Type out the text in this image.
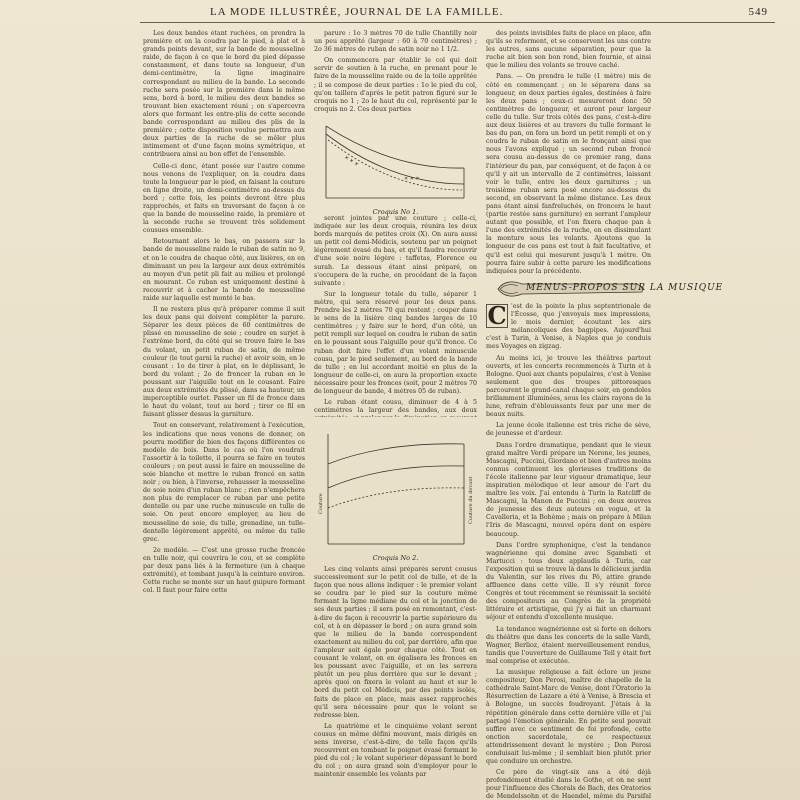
LA MODE ILLUSTRÉE, JOURNAL DE LA FAMILLE.	549

Les deux bandes étant ruchées, on prendra la première et on la coudra par le pied, à plat et à grands points devant, sur la bande de mousseline raide, de façon à ce que le bord du pied dépasse constamment, et dans toute sa longueur, d'un demi-centimètre, la ligne imaginaire correspondant au milieu de la bande. La seconde ruche sera posée sur la première dans le même sens, bord à bord, le milieu des deux bandes se trouvant bien exactement réuni ; on s'apercevra alors que formant les entre-plis de cette seconde bande correspondant au milieu des plis de la première ; cette disposition voulue permettra aux deux parties de la ruche de se mêler plus intimement et d'une façon moins symétrique, et contribuera ainsi au bon effet de l'ensemble.

Celle-ci donc, étant posée sur l'autre comme nous venons de l'expliquer, on la coudra dans toute la longueur par le pied, en faisant la couture en ligne droite, un demi-centimètre au-dessus du bord ; cette fois, les points devront être plus rapprochés, et faits en traversant de façon à ce que la bande de mousseline raide, la première et la seconde ruche se trouvent très solidement cousues ensemble.

Retournant alors le bas, on passera sur la bande de mousseline raide le ruban de satin no 9, et on le coudra de chaque côté, aux lisières, en en diminuant un peu la largeur aux deux extrémités au moyen d'un petit pli fait au milieu et prolongé en mourant. Ce ruban est uniquement destiné à recouvrir et à cacher la bande de mousseline raide sur laquelle est monté le bas.

Il ne restera plus qu'à préparer comme il suit les deux pans qui doivent compléter la parure. Séparer les deux pièces de 60 centimètres de plissé en mousseline de soie ; coudre en surjet à l'extrême bord, du côté qui se trouve faire le bas du volant, un petit ruban de satin, de même couleur (le tout garni la ruche) et avoir soin, en le cousant : 1o de tirer à plat, en le déplissant, le bord du volant ; 2o de froncer la ruban en le poussant sur l'aiguille tout en le cousant. Faire aux deux extrémités du plissé, dans sa hauteur, un imperceptible ourlet. Passer un fil de fronce dans le haut du volant, tout au bord ; tirer ce fil en faisant glisser dessus la garniture.

Tout en conservant, relativement à l'exécution, les indications que nous venons de donner, on pourra modifier de bien des façons différentes ce modèle de bois. Dans le cas où l'on voudrait l'assortir à la toilette, il pourra se faire en toutes couleurs ; on peut aussi le faire en mousseline de soie blanche et mettre le ruban froncé en satin noir ; ou bien, à l'inverse, rehausser la mousseline de soie noire d'un ruban blanc ; rien n'empêchera non plus de remplacer ce ruban par une petite dentelle ou par une ruche minuscule en tulle de soie. On peut encore employer, au lieu de mousseline de soie, du tulle, grenadine, un tulle-dentelle légèrement apprêté, ou même du tulle grec.

2e modèle. — C'est une grosse ruche froncée en tulle noir, qui couvrira le cou, et se complète par deux pans liés à la fermeture (un à chaque extrémité), et tombant jusqu'à la ceinture environ. Cette ruche se monte sur un haut guipure formant col. Il faut pour faire cette

parure : 1o 3 mètres 70 de tulle Chantilly noir un peu apprêté (largeur : 60 à 70 centimètres) ; 2o 36 mètres de ruban de satin noir no 1 1/2.

On commencera par établir le col qui doit servir de soutien à la ruche, en prenant pour le faire de la mousseline raide ou de la toile apprêtée ; il se compose de deux parties : 1o le pied du col, qu'on taillera d'après le petit patron figuré sur le croquis no 1 ; 2o le haut du col, représenté par le croquis no 2. Ces deux parties

✕ ✕ ✕
✕ ✕ ✕
Croquis No 1.

seront jointes par une couture ; celle-ci, indiquée sur les deux croquis, réunira les deux bords marqués de petites croix (X). On aura aussi un petit col demi-Médicis, soutenu par un poignet légèrement évasé du bas, et qu'il faudra recouvrir d'une soie noire légère : taffetas, Florence ou surah. Le dessous étant ainsi préparé, on s'occupera de la ruche, en procédant de la façon suivante :

Sur la longueur totale du tulle, séparer 1 mètre, qui sera réservé pour les deux pans. Prendre les 2 mètres 70 qui restent ; couper dans le sens de la lisière cinq bandes larges de 10 centimètres ; y faire sur le bord, d'un côté, un petit rempli sur lequel on coudra le ruban de satin en le poussant sous l'aiguille pour qu'il fronce. Ce ruban doit faire l'effet d'un volant minuscule cousu, par le pied seulement, au bord de la bande de tulle ; en lui accordant moitié en plus de la longueur de celle-ci, on aura la proportion exacte nécessaire pour les fronces (soit, pour 2 mètres 70 de longueur de bande, 4 mètres 05 de ruban).

Le ruban étant cousu, diminuer de 4 à 5 centimètres la largeur des bandes, aux deux

Couture	Couture du devant
Croquis No 2.

Les cinq volants ainsi préparés seront cousus successivement sur le petit col de tulle, et de la façon que nous allons indiquer : le premier volant se coudra par le pied sur la couture même formant la ligne médiane du col et la jonction de ses deux parties ; il sera posé en remontant, c'est-à-dire de façon à recouvrir la partie supérieure du col, et à en dépasser le bord ; on aura grand soin que le milieu de la bande correspondent exactement au milieu du col, par derrière, afin que l'ampleur soit égale pour chaque côté. Tout en cousant le volant, on en égalisera les fronces en les poussant avec l'aiguille, et on les serrera plutôt un peu plus derrière que sur le devant ; après quoi on fixera le volant au haut et sur le bord du petit col Médicis, par des points isolés, faits de place en place, mais assez rapprochés qu'il sera nécessaire pour que le volant se redresse bien.

La quatrième et le cinquième volant seront cousus en même défini mouvant, mais dirigés en sens inverse, c'est-à-dire, de telle façon qu'ils recouvrent en tombant le poignet évasé formant le pied du col ; le volant supérieur dépassant le bord du col ; on aura grand soin d'employer pour le maintenir ensemble les volants par

des points invisibles faits de place en place, afin qu'ils se referment, et se conservent les uns contre les autres, sans aucune séparation, pour que la ruche ait bien son bon rond, bien fournie, et ainsi que le milieu des volants se trouve caché.

Pans. — On prendra le tulle (1 mètre) mis de côté en commençant ; on le séparera dans sa longueur, en deux parties égales, destinées à faire les deux pans ; ceux-ci mesureront donc 50 centimètres de longueur, et auront pour largeur celle du tulle. Sur trois côtés des pans, c'est-à-dire aux deux lisières et au travers du tulle formant le bas du pan, on fera un bord un petit rempli et on y coudra le ruban de satin en le fronçant ainsi que nous l'avons expliqué ; un second ruban froncé sera cousu au-dessus de ce premier rang, dans l'intérieur du pan, par conséquent, et de façon à ce qu'il y ait un intervalle de 2 centimètres, laissant voir le tulle, entre les deux garnitures ; un troisième ruban sera posé encore au-dessus du second, en observant la même distance. Les deux pans étant ainsi fanfreluchés, on froncera le haut (partie restée sans garniture) en serrant l'ampleur autant que possible, et l'on fixera chaque pan à l'une des extrémités de la ruche, en en dissimulant la monture sous les volants. Ajoutons que la longueur de ces pans est tout à fait facultative, et qu'il est celui qui mesurent jusqu'à 1 mètre. On pourra faire subir à cette parure les modifications indiquées pour la précédente.

MENUS-PROPOS SUR LA MUSIQUE

C 'est de la pointe la plus septentrionale de l'Écosse, que j'envoyais mes impressions, le mois dernier, écoutant les airs mélancoliques des bagpipes. Aujourd'hui c'est à Turin, à Venise, à Naples que je conduis mes Voyages en zigzag.

Au moins ici, je trouve les théâtres partout ouverts, et les concerts recommencés à Turin et à Bologne. Quoi aux chants populaires, c'est à Venise seulement que des troupes pittoresques parcourent le grand-canal chaque soir, en gondoles brillamment illuminées, sous les clairs rayons de la lune, refrain d'éblouissants feux par une mer de beaux nuits.

La jeune école italienne est très riche de sève, de jeunesse et d'ardeur.

Dans l'ordre dramatique, pendant que le vieux grand maître Verdi prépare un Nerone, les jeunes, Mascagni, Puccini, Giordano et bien d'autres moins connus continuent les glorieuses traditions de l'école italienne par leur vigueur dramatique, leur inspiration mélodique et leur amour de l'art du maître les voix. J'ai entendu à Turin la Ratcliff de Mascagni, la Manon de Puccini ; on deux œuvres de jeunesse des deux auteurs en vogue, et la Cavalleria, et la Bohème ; mais on prépare à Milan l'Iris de Mascagni, nouvel opéra dont on espère beaucoup.

Dans l'ordre symphonique, c'est la tendance wagnérienne qui domine avec Sgambati et Martucci : tous deux applaudis à Turin, car l'exposition qui se trouve là dans le délicieux jardin du Valentin, sur les rives du Pô, attire grande affluence dans cette ville. Il s'y réunit force Congrès et tout récemment se réunissait la société des compositeurs au Congrès de la propriété littéraire et artistique, qui j'y ai fait un charmant séjour et entendu d'excellente musique.

La tendance wagnérienne est si forte en dehors du théâtre que dans les concerts de la salle Vardi, Wagner, Berlioz, étaient merveilleusement rendus, tandis que l'ouverture de Guillaume Tell y était fort mal comprise et exécutée.

La musique religieuse a fait éclore un jeune compositeur, Don Perosi, maître de chapelle de la cathédrale Saint-Marc de Venise, dont l'Oratorio la Résurrection de Lazare a été à Venise, à Brescia et à Bologne, un succès foudroyant. J'étais à la répétition générale dans cette dernière ville et j'ai partagé l'émotion générale. En petite seul pouvait suffire avec ce sentiment de foi profonde, cette onction sacerdotale, ce respectueux attendrissement devant le mystère ; Don Perosi conduisait lui-même ; il semblait bien plutôt prier que conduire un orchestre.

Ce père de vingt-six ans a été déjà profondément étudié dans le Gothe, et on ne sent pour l'influence des Chorals de Bach, des Oratorios de Mendelssohn et de Haendel, même du Parsifal
